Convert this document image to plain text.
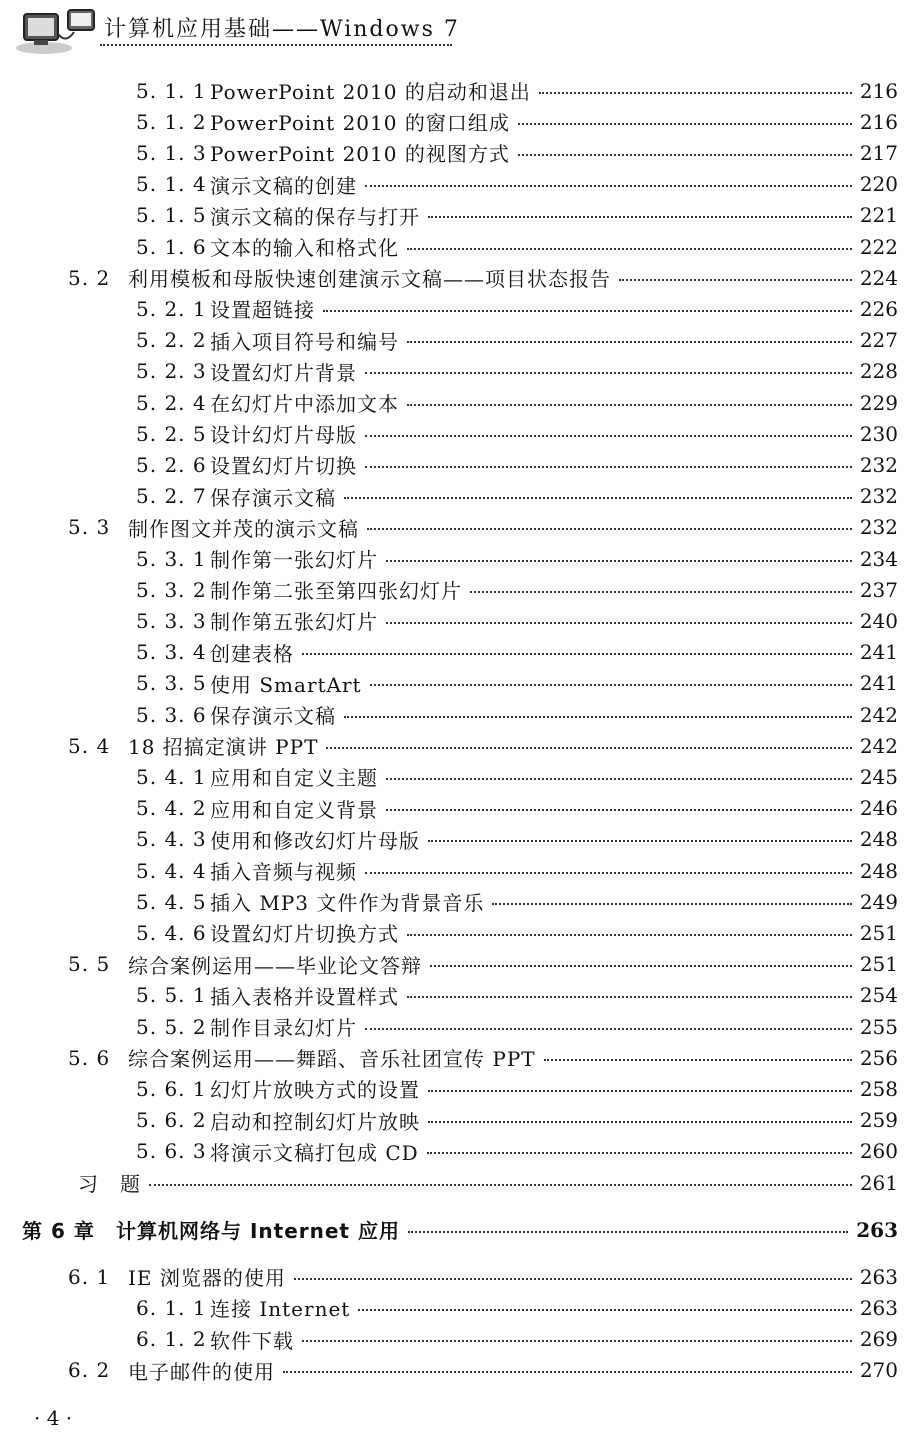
计算机应用基础——Windows 7
5. 1. 1 PowerPoint 2010 的启动和退出	216
5. 1. 2 PowerPoint 2010 的窗口组成	216
5. 1. 3 PowerPoint 2010 的视图方式	217
5. 1. 4 演示文稿的创建	220
5. 1. 5 演示文稿的保存与打开	221
5. 1. 6 文本的输入和格式化	222
5. 2 利用模板和母版快速创建演示文稿——项目状态报告	224
5. 2. 1 设置超链接	226
5. 2. 2 插入项目符号和编号	227
5. 2. 3 设置幻灯片背景	228
5. 2. 4 在幻灯片中添加文本	229
5. 2. 5 设计幻灯片母版	230
5. 2. 6 设置幻灯片切换	232
5. 2. 7 保存演示文稿	232
5. 3 制作图文并茂的演示文稿	232
5. 3. 1 制作第一张幻灯片	234
5. 3. 2 制作第二张至第四张幻灯片	237
5. 3. 3 制作第五张幻灯片	240
5. 3. 4 创建表格	241
5. 3. 5 使用 SmartArt	241
5. 3. 6 保存演示文稿	242
5. 4 18 招搞定演讲 PPT	242
5. 4. 1 应用和自定义主题	245
5. 4. 2 应用和自定义背景	246
5. 4. 3 使用和修改幻灯片母版	248
5. 4. 4 插入音频与视频	248
5. 4. 5 插入 MP3 文件作为背景音乐	249
5. 4. 6 设置幻灯片切换方式	251
5. 5 综合案例运用——毕业论文答辩	251
5. 5. 1 插入表格并设置样式	254
5. 5. 2 制作目录幻灯片	255
5. 6 综合案例运用——舞蹈、音乐社团宣传 PPT	256
5. 6. 1 幻灯片放映方式的设置	258
5. 6. 2 启动和控制幻灯片放映	259
5. 6. 3 将演示文稿打包成 CD	260
习　题	261
第 6 章	计算机网络与 Internet 应用	263
6. 1 IE 浏览器的使用	263
6. 1. 1 连接 Internet	263
6. 1. 2 软件下载	269
6. 2 电子邮件的使用	270
· 4 ·
